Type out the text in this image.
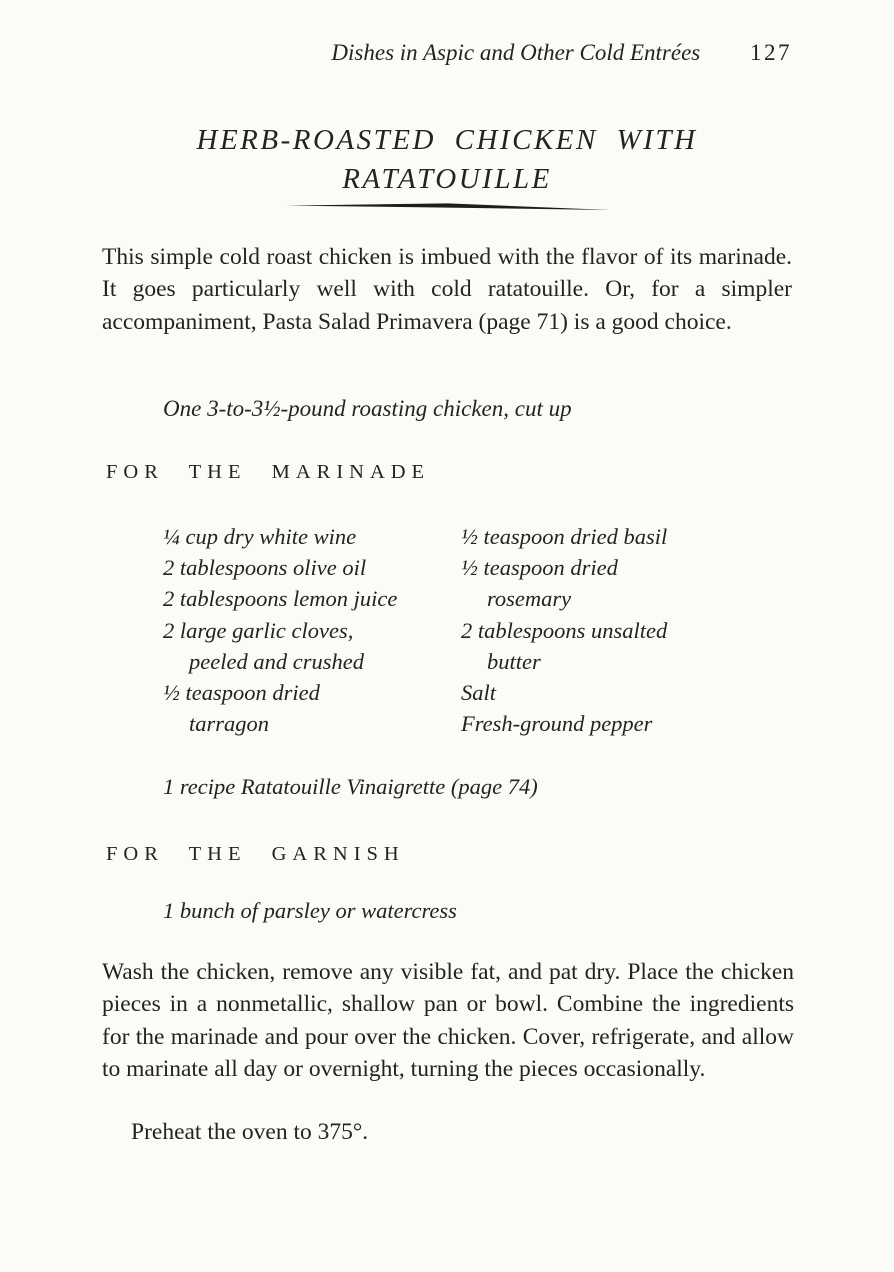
Dishes in Aspic and Other Cold Entrées 127
HERB-ROASTED CHICKEN WITH
RATATOUILLE

This simple cold roast chicken is imbued with the flavor of its marinade. It goes particularly well with cold ratatouille. Or, for a simpler accompaniment, Pasta Salad Primavera (page 71) is a good choice.

One 3-to-3½-pound roasting chicken, cut up

FOR THE MARINADE
¼ cup dry white wine
2 tablespoons olive oil
2 tablespoons lemon juice
2 large garlic cloves,
peeled and crushed
½ teaspoon dried
tarragon
½ teaspoon dried basil
½ teaspoon dried
rosemary
2 tablespoons unsalted
butter
Salt
Fresh-ground pepper

1 recipe Ratatouille Vinaigrette (page 74)

FOR THE GARNISH

1 bunch of parsley or watercress

Wash the chicken, remove any visible fat, and pat dry. Place the chicken pieces in a nonmetallic, shallow pan or bowl. Combine the ingredients for the marinade and pour over the chicken. Cover, refrigerate, and allow to marinate all day or overnight, turning the pieces occasionally.

Preheat the oven to 375°.
